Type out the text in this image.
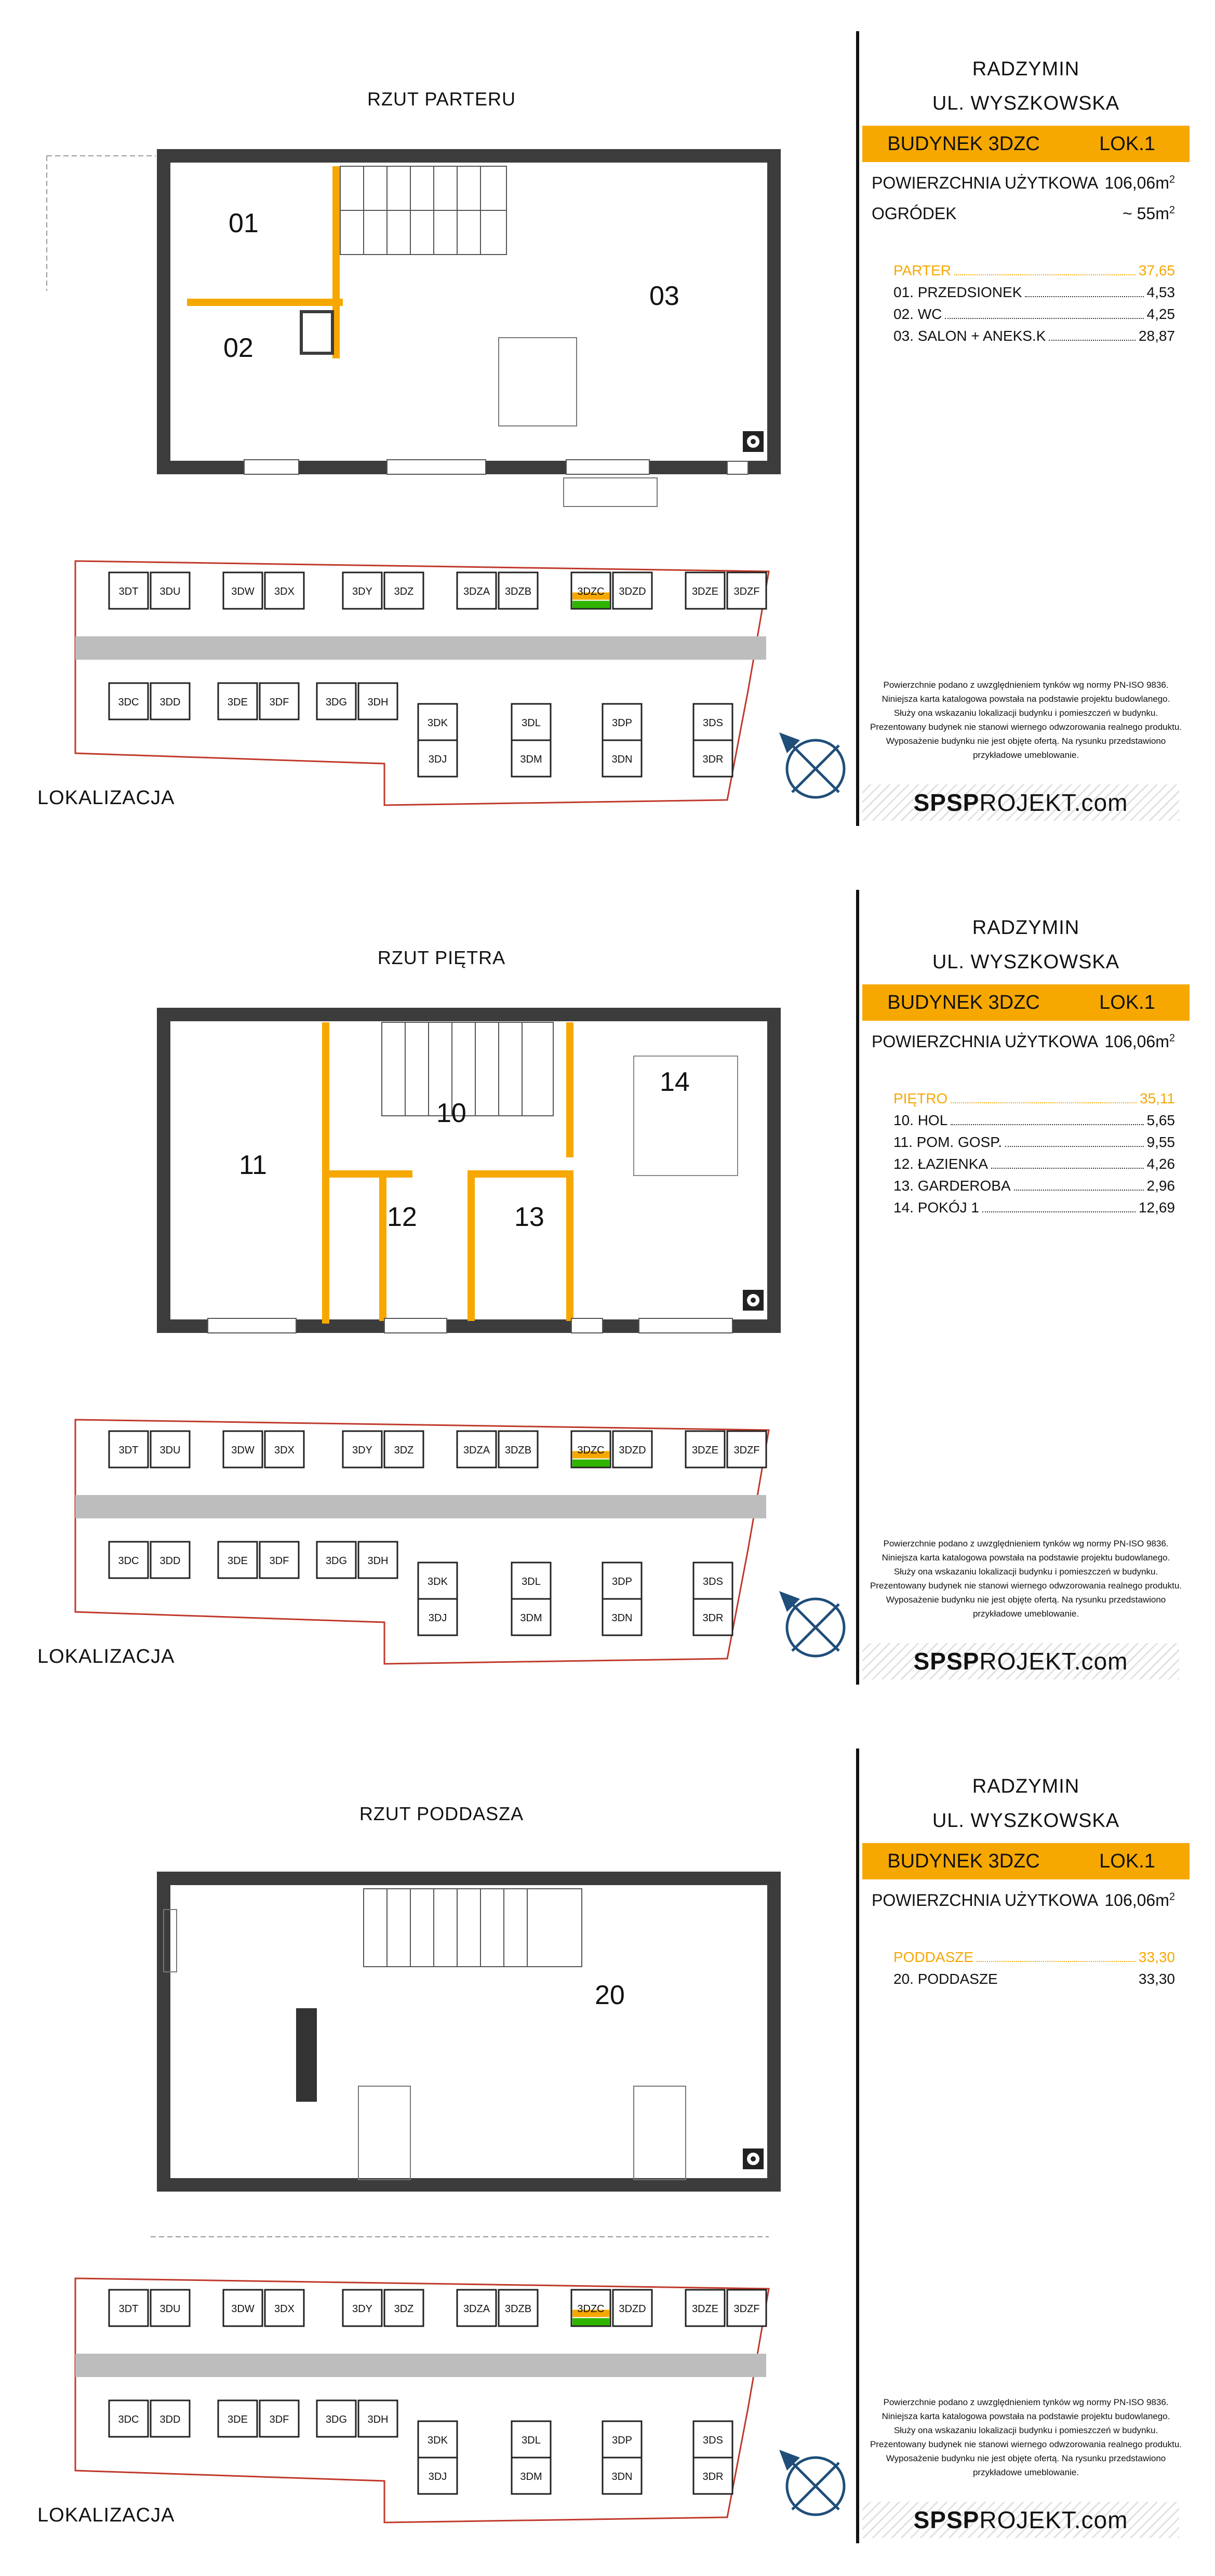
RZUT PARTERU
01
02
03
3DT 3DU	3DW 3DX	3DY 3DZ	3DZA 3DZB	3DZC 3DZD	3DZE 3DZF
3DC 3DD	3DE 3DF	3DG 3DH
3DK	3DL	3DP	3DS
3DJ	3DM	3DN	3DR
LOKALIZACJA
RADZYMIN
UL. WYSZKOWSKA
BUDYNEK 3DZC	LOK.1
POWIERZCHNIA UŻYTKOWA $106,06m^2$
OGRÓDEK	~ $55m^2$
PARTER	37,65
01. PRZEDSIONEK	4,53
02. WC	4,25
03. SALON + ANEKS.K	28,87
Powierzchnie podano z uwzględnieniem tynków wg normy PN-ISO 9836.
Niniejsza karta katalogowa powstała na podstawie projektu budowlanego.
Służy ona wskazaniu lokalizacji budynku i pomieszczeń w budynku.
Prezentowany budynek nie stanowi wiernego odwzorowania realnego produktu.
Wyposażenie budynku nie jest objęte ofertą. Na rysunku przedstawiono
przykładowe umeblowanie.
SPSP ROJEKT.com
RZUT PIĘTRA
10
11
12	13
14
3DT 3DU	3DW 3DX	3DY 3DZ	3DZA 3DZB	3DZC 3DZD	3DZE 3DZF
3DC 3DD	3DE 3DF	3DG 3DH
3DK	3DL	3DP	3DS
3DJ	3DM	3DN	3DR
LOKALIZACJA
RADZYMIN
UL. WYSZKOWSKA
BUDYNEK 3DZC	LOK.1
POWIERZCHNIA UŻYTKOWA $106,06m^2$
PIĘTRO	35,11
10. HOL	5,65
11. POM. GOSP.	9,55
12. ŁAZIENKA	4,26
13. GARDEROBA	2,96
14. POKÓJ 1	12,69
Powierzchnie podano z uwzględnieniem tynków wg normy PN-ISO 9836.
Niniejsza karta katalogowa powstała na podstawie projektu budowlanego.
Służy ona wskazaniu lokalizacji budynku i pomieszczeń w budynku.
Prezentowany budynek nie stanowi wiernego odwzorowania realnego produktu.
Wyposażenie budynku nie jest objęte ofertą. Na rysunku przedstawiono
przykładowe umeblowanie.
SPSP ROJEKT.com
RZUT PODDASZA
20
3DT 3DU	3DW 3DX	3DY 3DZ	3DZA 3DZB	3DZC 3DZD	3DZE 3DZF
3DC 3DD	3DE 3DF	3DG 3DH
3DK	3DL	3DP	3DS
3DJ	3DM	3DN	3DR
LOKALIZACJA
RADZYMIN
UL. WYSZKOWSKA
BUDYNEK 3DZC	LOK.1
POWIERZCHNIA UŻYTKOWA $106,06m^2$
PODDASZE	33,30
20. PODDASZE	33,30
Powierzchnie podano z uwzględnieniem tynków wg normy PN-ISO 9836.
Niniejsza karta katalogowa powstała na podstawie projektu budowlanego.
Służy ona wskazaniu lokalizacji budynku i pomieszczeń w budynku.
Prezentowany budynek nie stanowi wiernego odwzorowania realnego produktu.
Wyposażenie budynku nie jest objęte ofertą. Na rysunku przedstawiono
przykładowe umeblowanie.
SPSP ROJEKT.com
